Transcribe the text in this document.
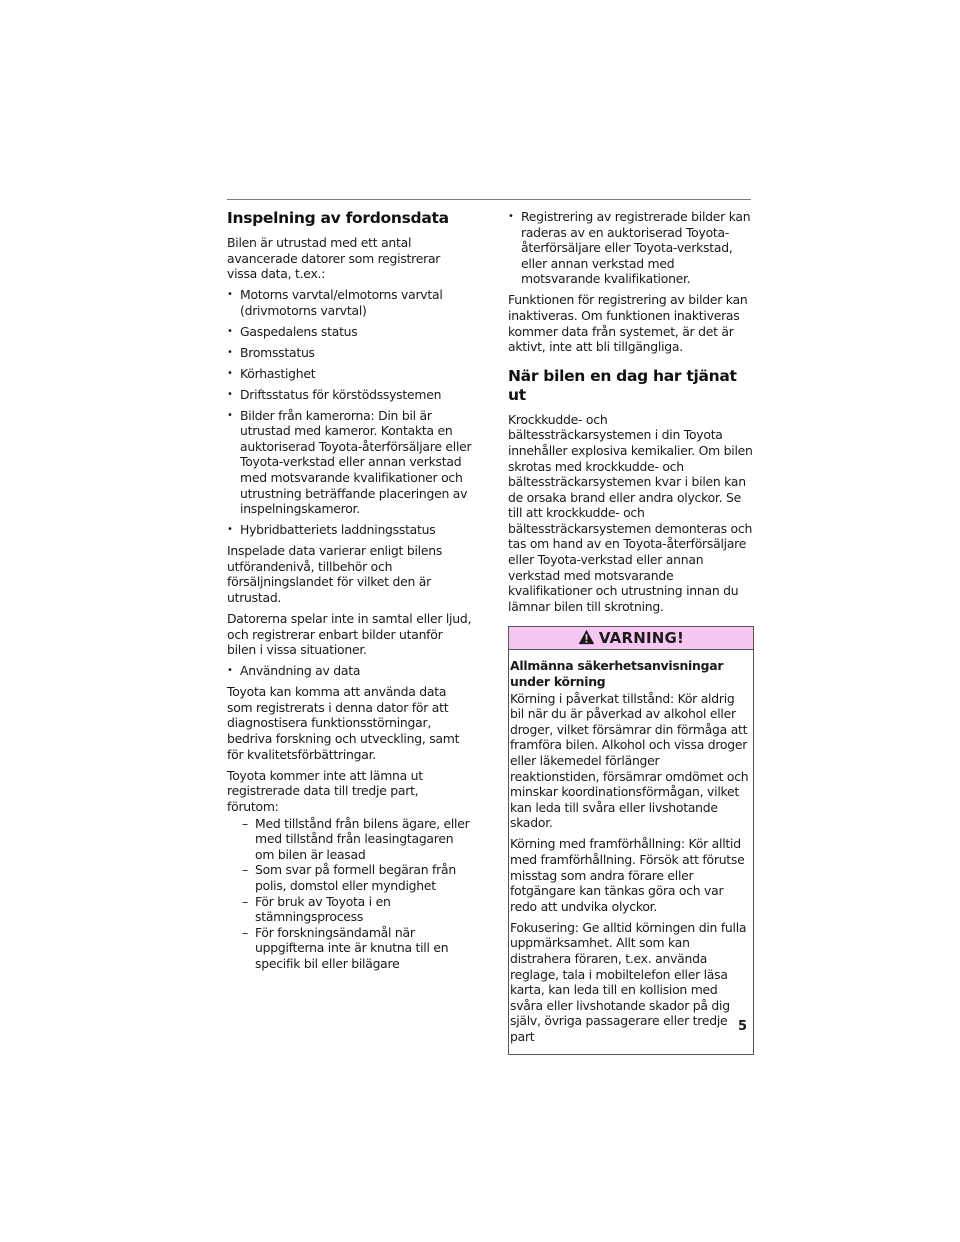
Inspelning av fordonsdata

Bilen är utrustad med ett antal avancerade datorer som registrerar vissa data, t.ex.:

• Motorns varvtal/elmotorns varvtal (drivmotorns varvtal)
• Gaspedalens status
• Bromsstatus
• Körhastighet
• Driftsstatus för körstödssystemen
• Bilder från kamerorna: Din bil är utrustad med kameror. Kontakta en auktoriserad Toyota-återförsäljare eller Toyota-verkstad eller annan verkstad med motsvarande kvalifikationer och utrustning beträffande placeringen av inspelningskameror.
• Hybridbatteriets laddningsstatus

Inspelade data varierar enligt bilens utförandenivå, tillbehör och försäljningslandet för vilket den är utrustad.

Datorerna spelar inte in samtal eller ljud, och registrerar enbart bilder utanför bilen i vissa situationer.

• Användning av data

Toyota kan komma att använda data som registrerats i denna dator för att diagnostisera funktionsstörningar, bedriva forskning och utveckling, samt för kvalitetsförbättringar.

Toyota kommer inte att lämna ut registrerade data till tredje part, förutom:

– Med tillstånd från bilens ägare, eller med tillstånd från leasingtagaren om bilen är leasad
– Som svar på formell begäran från polis, domstol eller myndighet
– För bruk av Toyota i en stämningsprocess
– För forskningsändamål när uppgifterna inte är knutna till en specifik bil eller bilägare
• Registrering av registrerade bilder kan raderas av en auktoriserad Toyota-återförsäljare eller Toyota-verkstad, eller annan verkstad med motsvarande kvalifikationer.

Funktionen för registrering av bilder kan inaktiveras. Om funktionen inaktiveras kommer data från systemet, är det är aktivt, inte att bli tillgängliga.

När bilen en dag har tjänat ut

Krockkudde- och bältessträckarsystemen i din Toyota innehåller explosiva kemikalier. Om bilen skrotas med krockkudde- och bältessträckarsystemen kvar i bilen kan de orsaka brand eller andra olyckor. Se till att krockkudde- och bältessträckarsystemen demonteras och tas om hand av en Toyota-återförsäljare eller Toyota-verkstad eller annan verkstad med motsvarande kvalifikationer och utrustning innan du lämnar bilen till skrotning.

VARNING!
Allmänna säkerhetsanvisningar under körning

Körning i påverkat tillstånd: Kör aldrig bil när du är påverkad av alkohol eller droger, vilket försämrar din förmåga att framföra bilen. Alkohol och vissa droger eller läkemedel förlänger reaktionstiden, försämrar omdömet och minskar koordinationsförmågan, vilket kan leda till svåra eller livshotande skador.

Körning med framförhållning: Kör alltid med framförhållning. Försök att förutse misstag som andra förare eller fotgängare kan tänkas göra och var redo att undvika olyckor.

Fokusering: Ge alltid körningen din fulla uppmärksamhet. Allt som kan distrahera föraren, t.ex. använda reglage, tala i mobiltelefon eller läsa karta, kan leda till en kollision med svåra eller livshotande skador på dig själv, övriga passagerare eller tredje part

5
